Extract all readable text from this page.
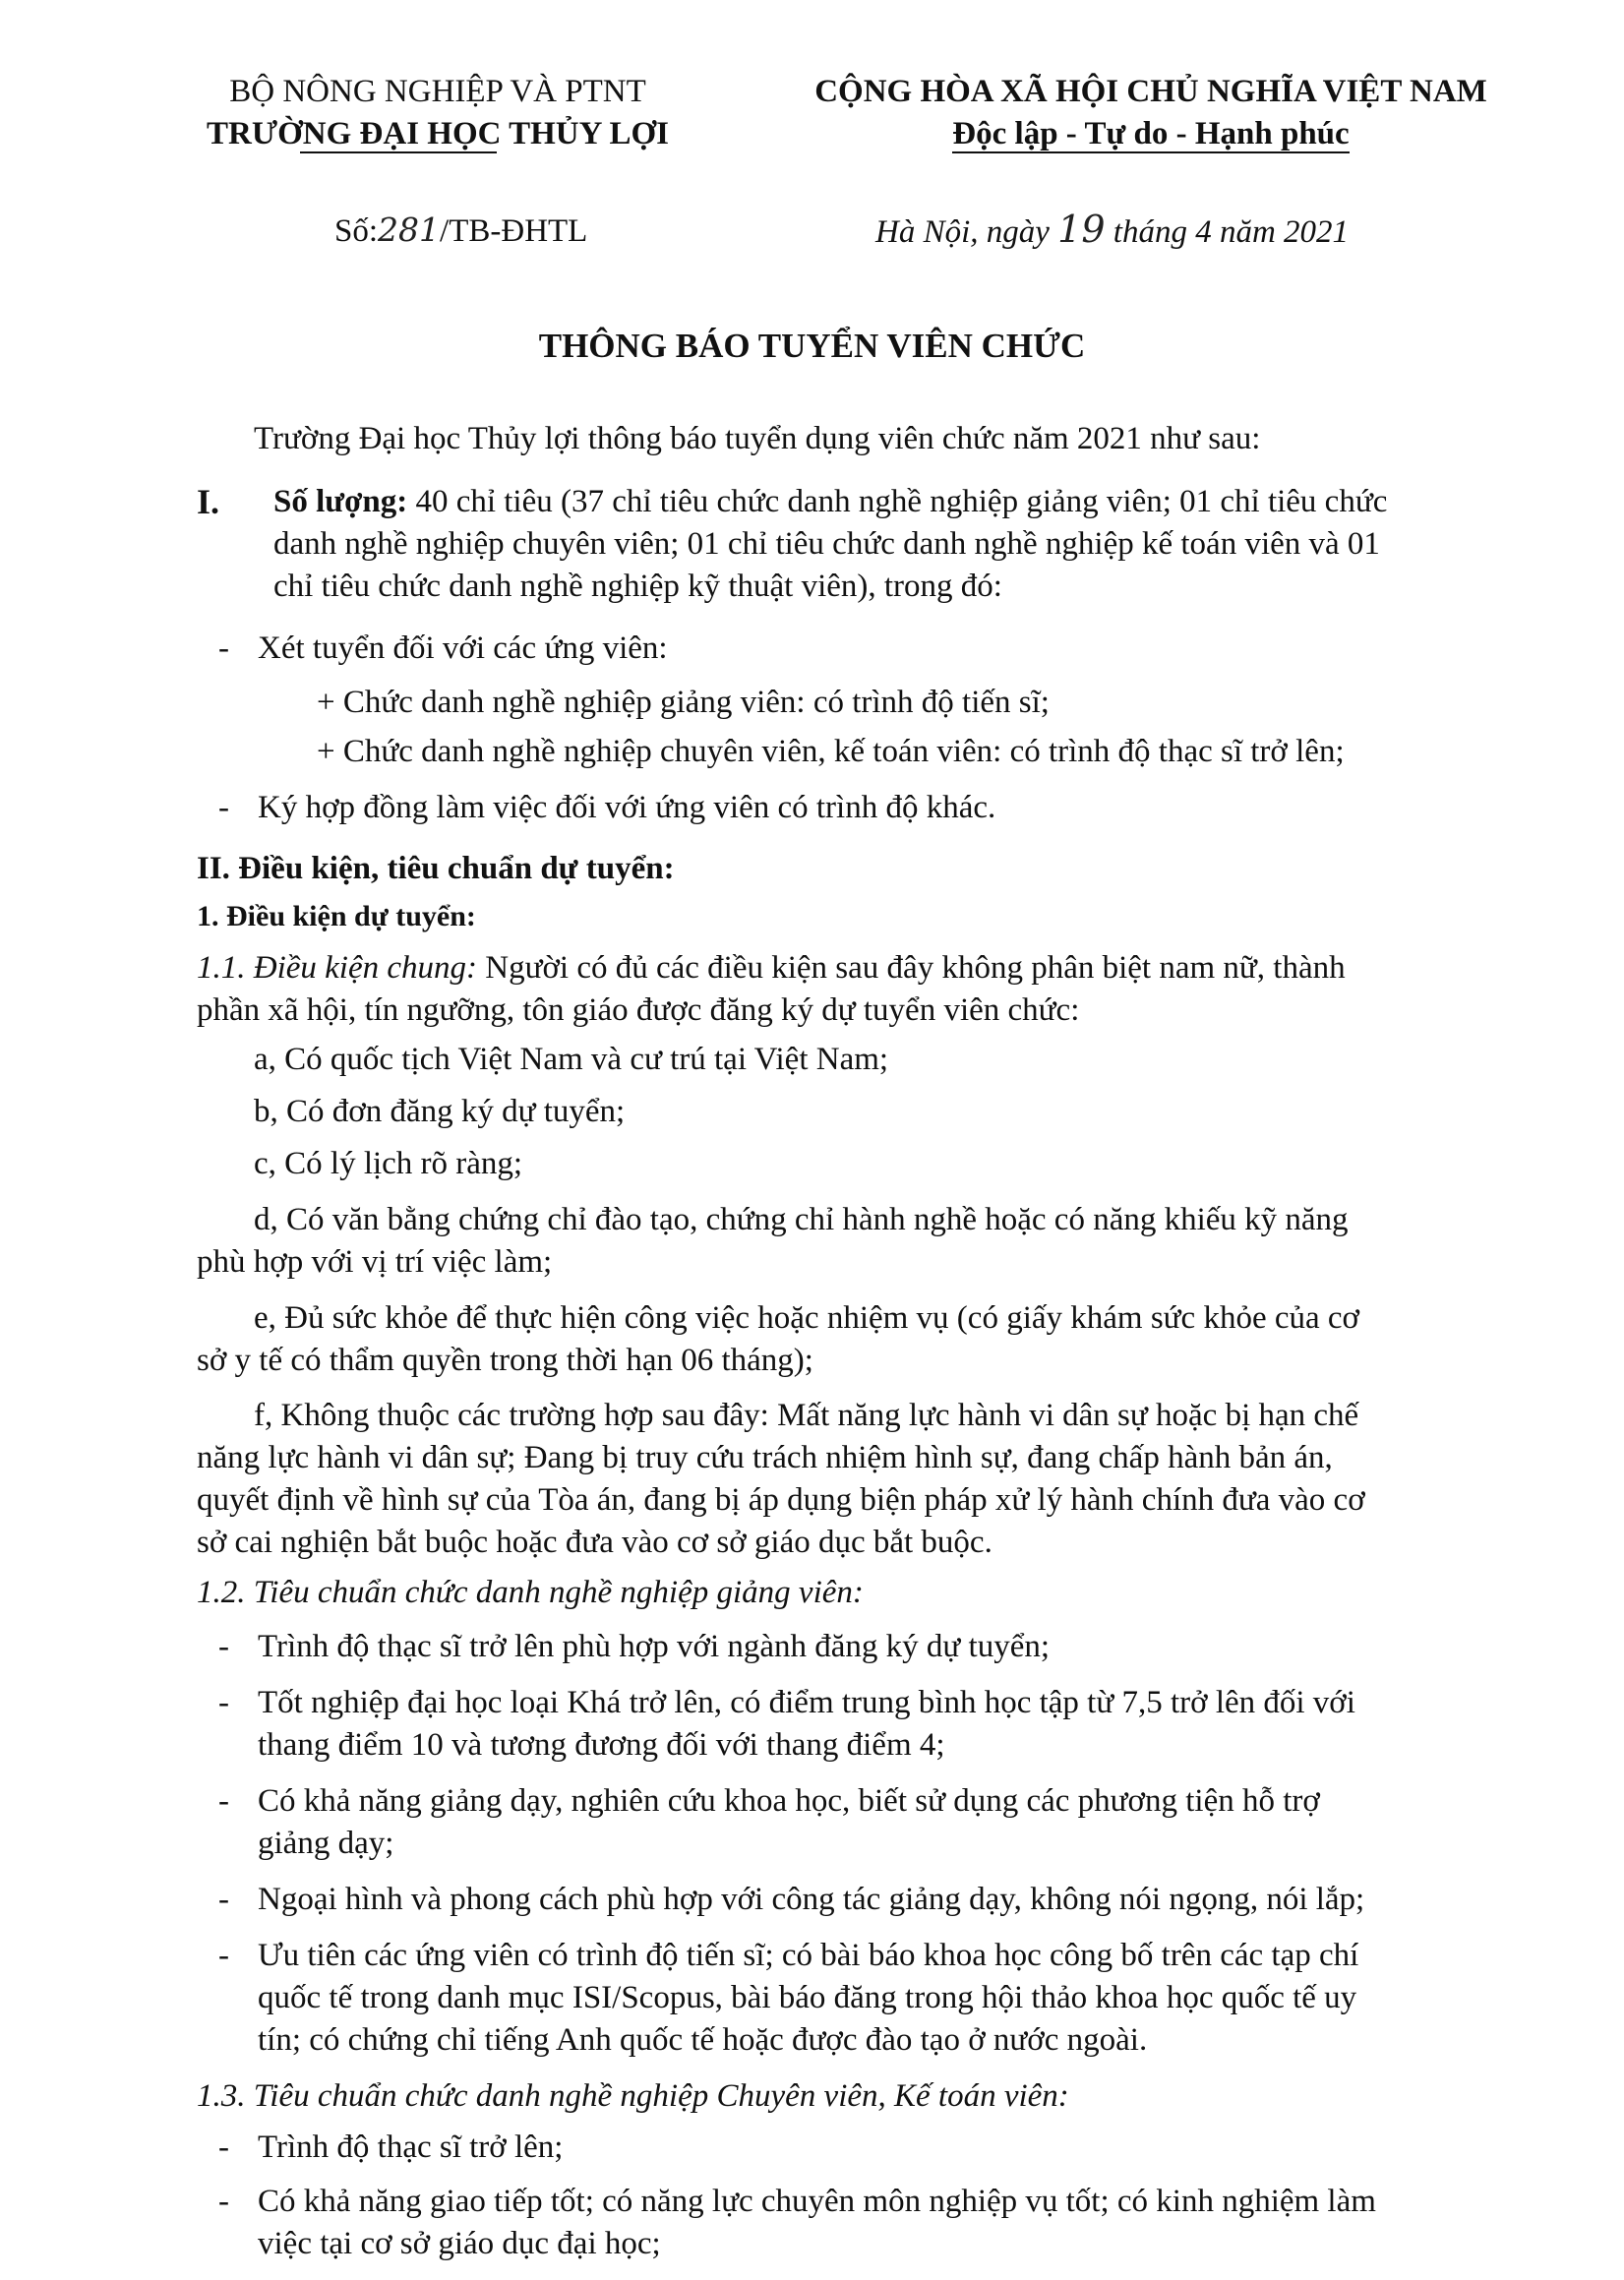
BỘ NÔNG NGHIỆP VÀ PTNT
TRƯỜNG ĐẠI HỌC THỦY LỢI
CỘNG HÒA XÃ HỘI CHỦ NGHĨA VIỆT NAM
Độc lập - Tự do - Hạnh phúc
Số:281/TB-ĐHTL	Hà Nội, ngày 19 tháng 4 năm 2021
THÔNG BÁO TUYỂN VIÊN CHỨC
Trường Đại học Thủy lợi thông báo tuyển dụng viên chức năm 2021 như sau:
I. Số lượng: 40 chỉ tiêu (37 chỉ tiêu chức danh nghề nghiệp giảng viên; 01 chỉ tiêu chức
danh nghề nghiệp chuyên viên; 01 chỉ tiêu chức danh nghề nghiệp kế toán viên và 01
chỉ tiêu chức danh nghề nghiệp kỹ thuật viên), trong đó:
- Xét tuyển đối với các ứng viên:
+ Chức danh nghề nghiệp giảng viên: có trình độ tiến sĩ;
+ Chức danh nghề nghiệp chuyên viên, kế toán viên: có trình độ thạc sĩ trở lên;
- Ký hợp đồng làm việc đối với ứng viên có trình độ khác.
II. Điều kiện, tiêu chuẩn dự tuyển:
1. Điều kiện dự tuyển:
1.1. Điều kiện chung: Người có đủ các điều kiện sau đây không phân biệt nam nữ, thành
phần xã hội, tín ngưỡng, tôn giáo được đăng ký dự tuyển viên chức:
a, Có quốc tịch Việt Nam và cư trú tại Việt Nam;
b, Có đơn đăng ký dự tuyển;
c, Có lý lịch rõ ràng;
d, Có văn bằng chứng chỉ đào tạo, chứng chỉ hành nghề hoặc có năng khiếu kỹ năng
phù hợp với vị trí việc làm;
e, Đủ sức khỏe để thực hiện công việc hoặc nhiệm vụ (có giấy khám sức khỏe của cơ
sở y tế có thẩm quyền trong thời hạn 06 tháng);
f, Không thuộc các trường hợp sau đây: Mất năng lực hành vi dân sự hoặc bị hạn chế
năng lực hành vi dân sự; Đang bị truy cứu trách nhiệm hình sự, đang chấp hành bản án,
quyết định về hình sự của Tòa án, đang bị áp dụng biện pháp xử lý hành chính đưa vào cơ
sở cai nghiện bắt buộc hoặc đưa vào cơ sở giáo dục bắt buộc.
1.2. Tiêu chuẩn chức danh nghề nghiệp giảng viên:
- Trình độ thạc sĩ trở lên phù hợp với ngành đăng ký dự tuyển;
- Tốt nghiệp đại học loại Khá trở lên, có điểm trung bình học tập từ 7,5 trở lên đối với
thang điểm 10 và tương đương đối với thang điểm 4;
- Có khả năng giảng dạy, nghiên cứu khoa học, biết sử dụng các phương tiện hỗ trợ
giảng dạy;
- Ngoại hình và phong cách phù hợp với công tác giảng dạy, không nói ngọng, nói lắp;
- Ưu tiên các ứng viên có trình độ tiến sĩ; có bài báo khoa học công bố trên các tạp chí
quốc tế trong danh mục ISI/Scopus, bài báo đăng trong hội thảo khoa học quốc tế uy
tín; có chứng chỉ tiếng Anh quốc tế hoặc được đào tạo ở nước ngoài.
1.3. Tiêu chuẩn chức danh nghề nghiệp Chuyên viên, Kế toán viên:
- Trình độ thạc sĩ trở lên;
- Có khả năng giao tiếp tốt; có năng lực chuyên môn nghiệp vụ tốt; có kinh nghiệm làm
việc tại cơ sở giáo dục đại học;
